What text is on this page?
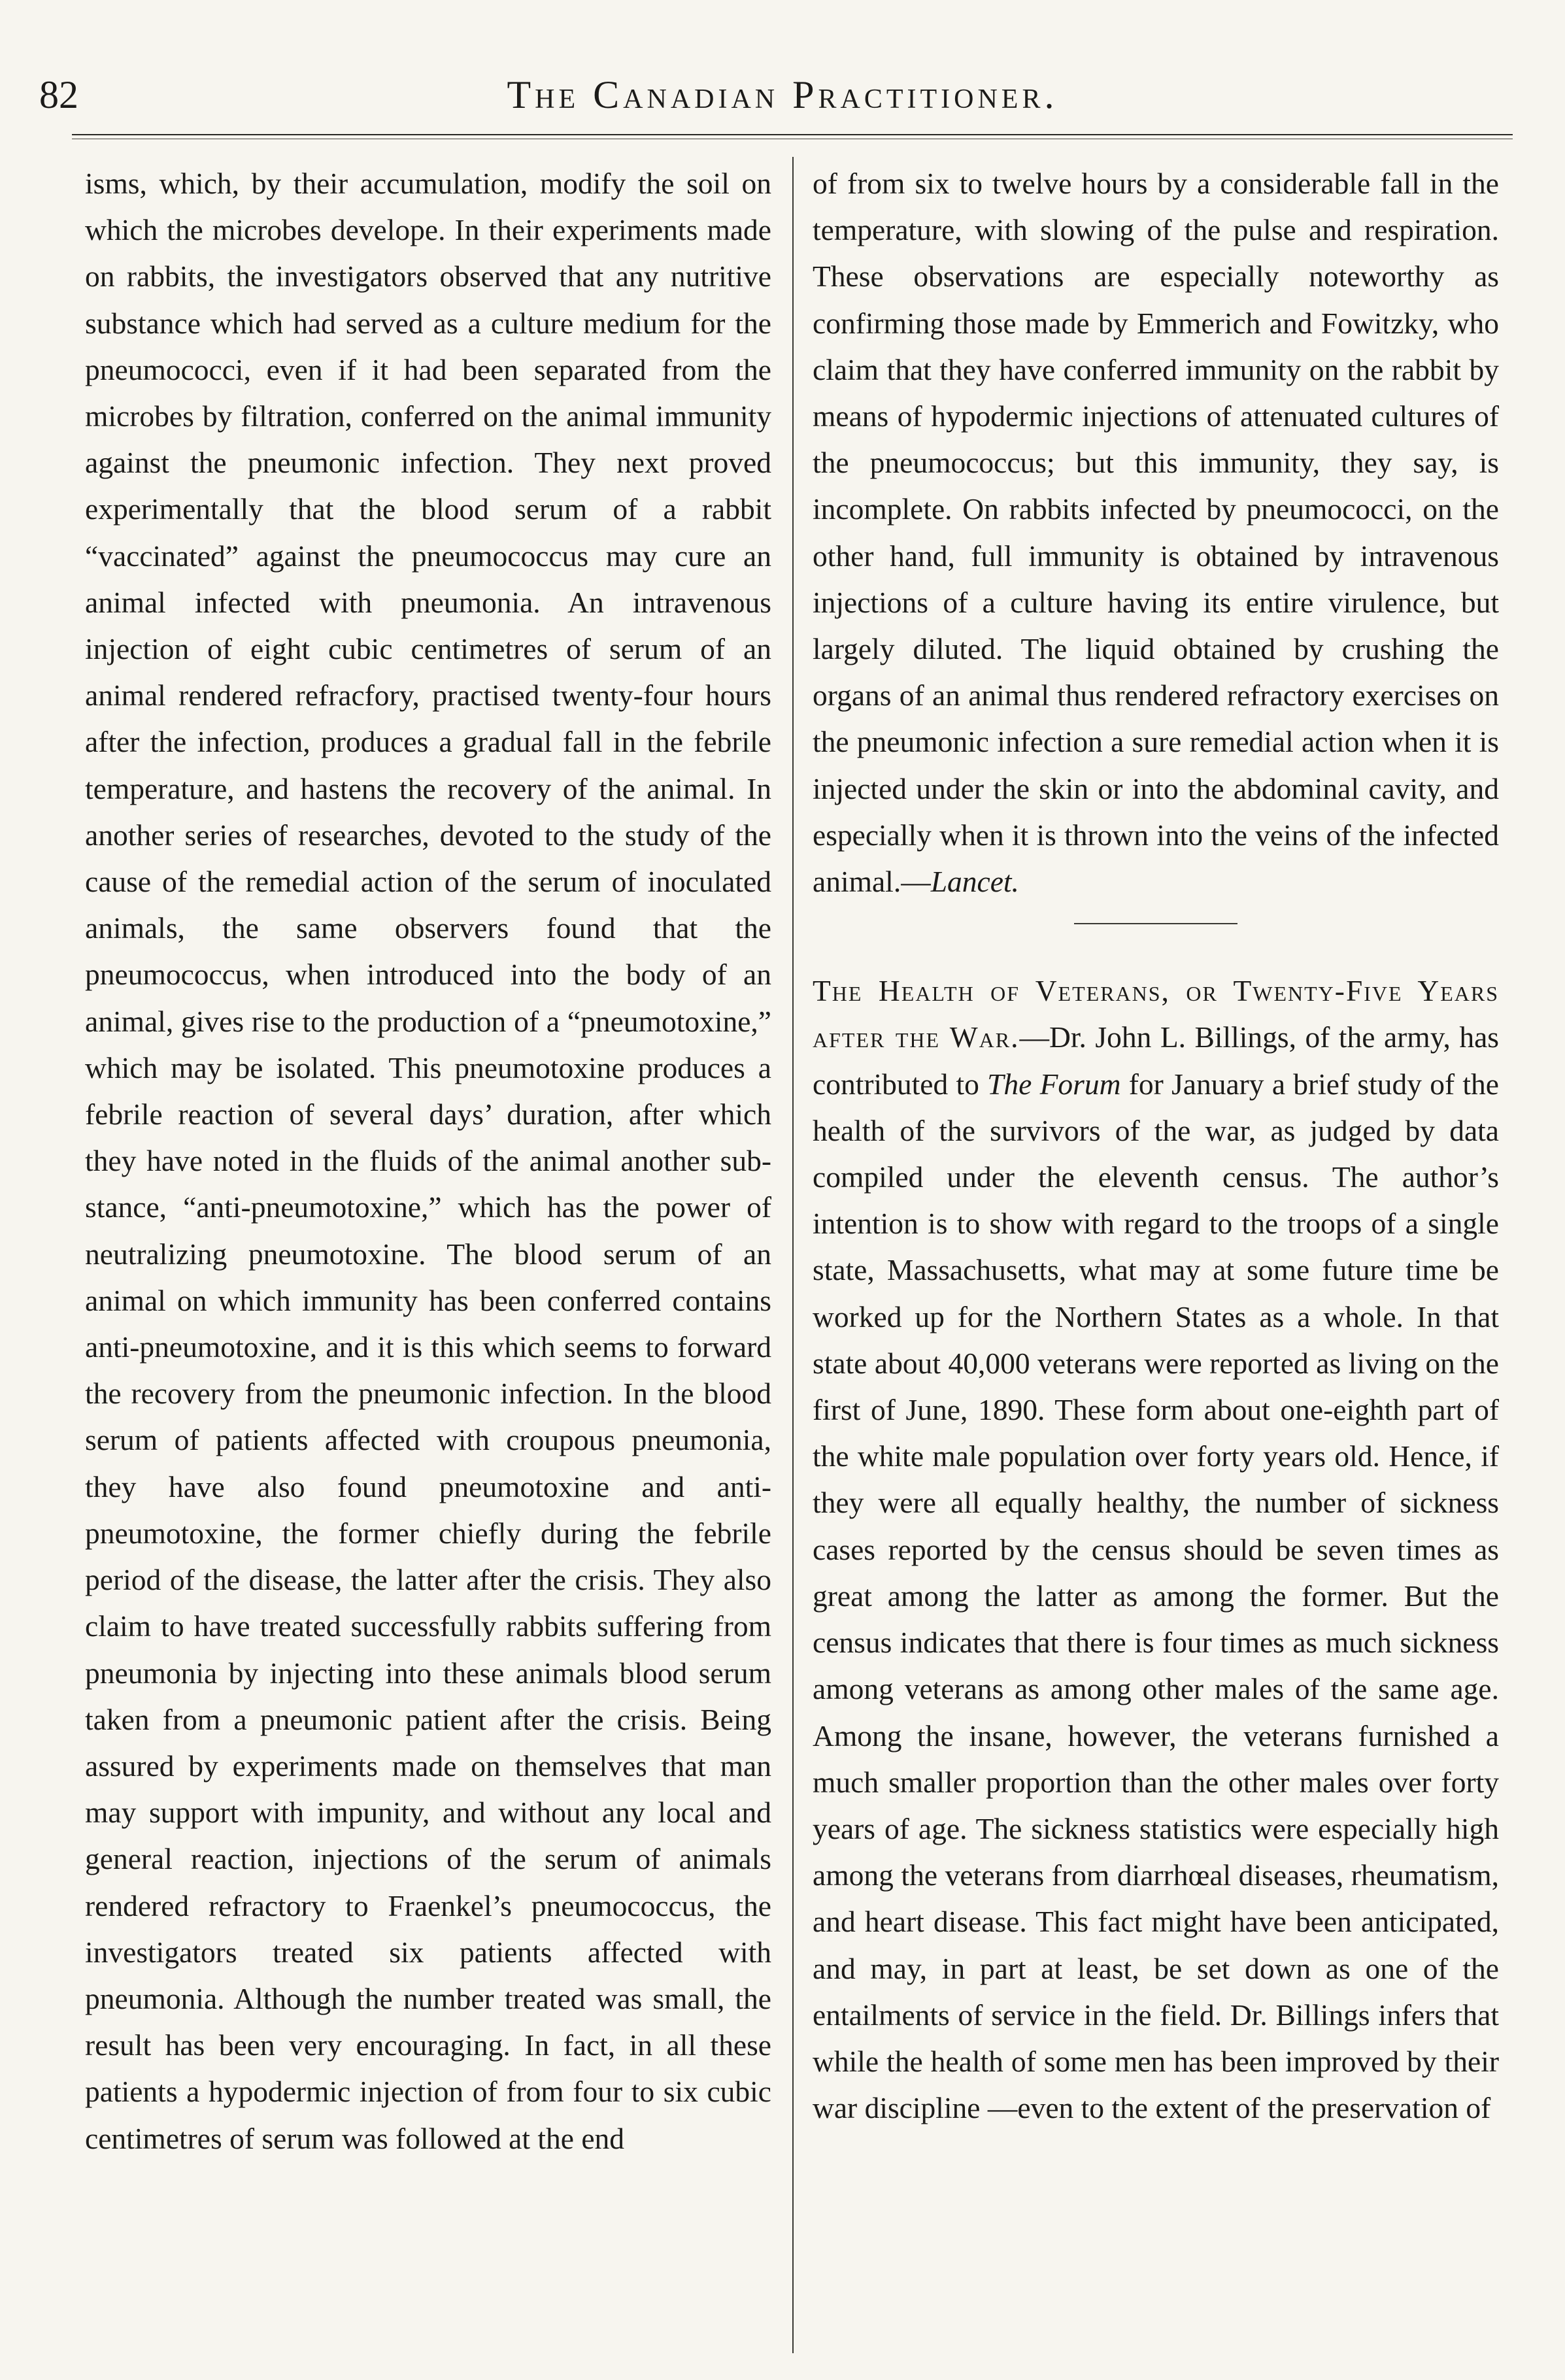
82	The Canadian Practitioner.

isms, which, by their accumulation, modify the soil on which the microbes develope. In their experiments made on rabbits, the investigators observed that any nutritive substance which had served as a culture medium for the pneumococci, even if it had been separated from the microbes by filtration, conferred on the animal immunity against the pneumonic infection. They next proved experimentally that the blood serum of a rabbit “vaccinated” against the pneumococcus may cure an animal infected with pneumonia. An intravenous injection of eight cubic centimetres of serum of an animal rendered refracfory, practised twenty-four hours after the infection, produces a gradual fall in the febrile temperature, and hastens the recovery of the animal. In another series of researches, devoted to the study of the cause of the remedial action of the serum of inoculated animals, the same observers found that the pneumococcus, when introduced into the body of an animal, gives rise to the production of a “pneumotoxine,” which may be isolated. This pneumotoxine produces a febrile reaction of several days’ duration, after which they have noted in the fluids of the animal another substance, “anti-pneumotoxine,” which has the power of neutralizing pneumotoxine. The blood serum of an animal on which immunity has been conferred contains anti-pneumotoxine, and it is this which seems to forward the recovery from the pneumonic infection. In the blood serum of patients affected with croupous pneumonia, they have also found pneumotoxine and anti-pneumotoxine, the former chiefly during the febrile period of the disease, the latter after the crisis. They also claim to have treated successfully rabbits suffering from pneumonia by injecting into these animals blood serum taken from a pneumonic patient after the crisis. Being assured by experiments made on themselves that man may support with impunity, and without any local and general reaction, injections of the serum of animals rendered refractory to Fraenkel’s pneumococcus, the investigators treated six patients affected with pneumonia. Although the number treated was small, the result has been very encouraging. In fact, in all these patients a hypodermic injection of from four to six cubic centimetres of serum was followed at the end

of from six to twelve hours by a considerable fall in the temperature, with slowing of the pulse and respiration. These observations are especially noteworthy as confirming those made by Emmerich and Fowitzky, who claim that they have conferred immunity on the rabbit by means of hypodermic injections of attenuated cultures of the pneumococcus; but this immunity, they say, is incomplete. On rabbits infected by pneumococci, on the other hand, full immunity is obtained by intravenous injections of a culture having its entire virulence, but largely diluted. The liquid obtained by crushing the organs of an animal thus rendered refractory exercises on the pneumonic infection a sure remedial action when it is injected under the skin or into the abdominal cavity, and especially when it is thrown into the veins of the infected animal.—Lancet.

The Health of Veterans, or Twenty-Five Years after the War.—Dr. John L. Billings, of the army, has contributed to The Forum for January a brief study of the health of the survivors of the war, as judged by data compiled under the eleventh census. The author’s intention is to show with regard to the troops of a single state, Massachusetts, what may at some future time be worked up for the Northern States as a whole. In that state about 40,000 veterans were reported as living on the first of June, 1890. These form about one-eighth part of the white male population over forty years old. Hence, if they were all equally healthy, the number of sickness cases reported by the census should be seven times as great among the latter as among the former. But the census indicates that there is four times as much sickness among veterans as among other males of the same age. Among the insane, however, the veterans furnished a much smaller proportion than the other males over forty years of age. The sickness statistics were especially high among the veterans from diarrhœal diseases, rheumatism, and heart disease. This fact might have been anticipated, and may, in part at least, be set down as one of the entailments of service in the field. Dr. Billings infers that while the health of some men has been improved by their war discipline —even to the extent of the preservation of
